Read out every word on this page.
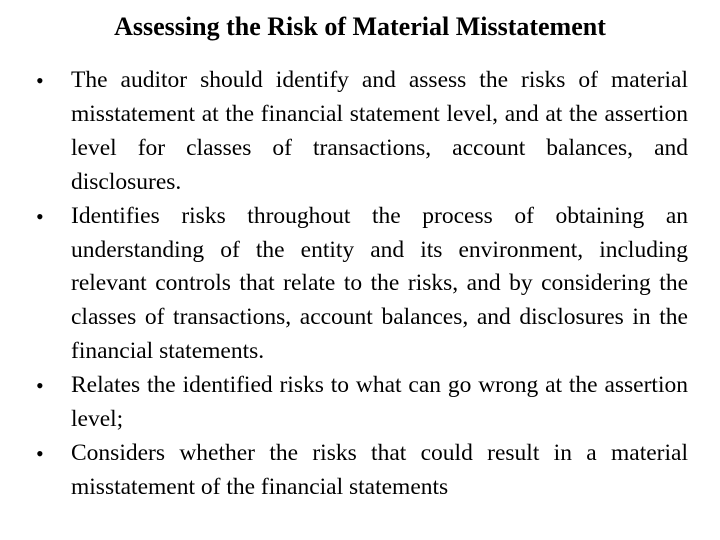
Assessing the Risk of Material Misstatement
•	The auditor should identify and assess the risks of material misstatement at the financial statement level, and at the assertion level for classes of transactions, account balances, and disclosures.
•	Identifies risks throughout the process of obtaining an understanding of the entity and its environment, including relevant controls that relate to the risks, and by considering the classes of transactions, account balances, and disclosures in the financial statements.
•	Relates the identified risks to what can go wrong at the assertion level;
•	Considers whether the risks that could result in a material misstatement of the financial statements
